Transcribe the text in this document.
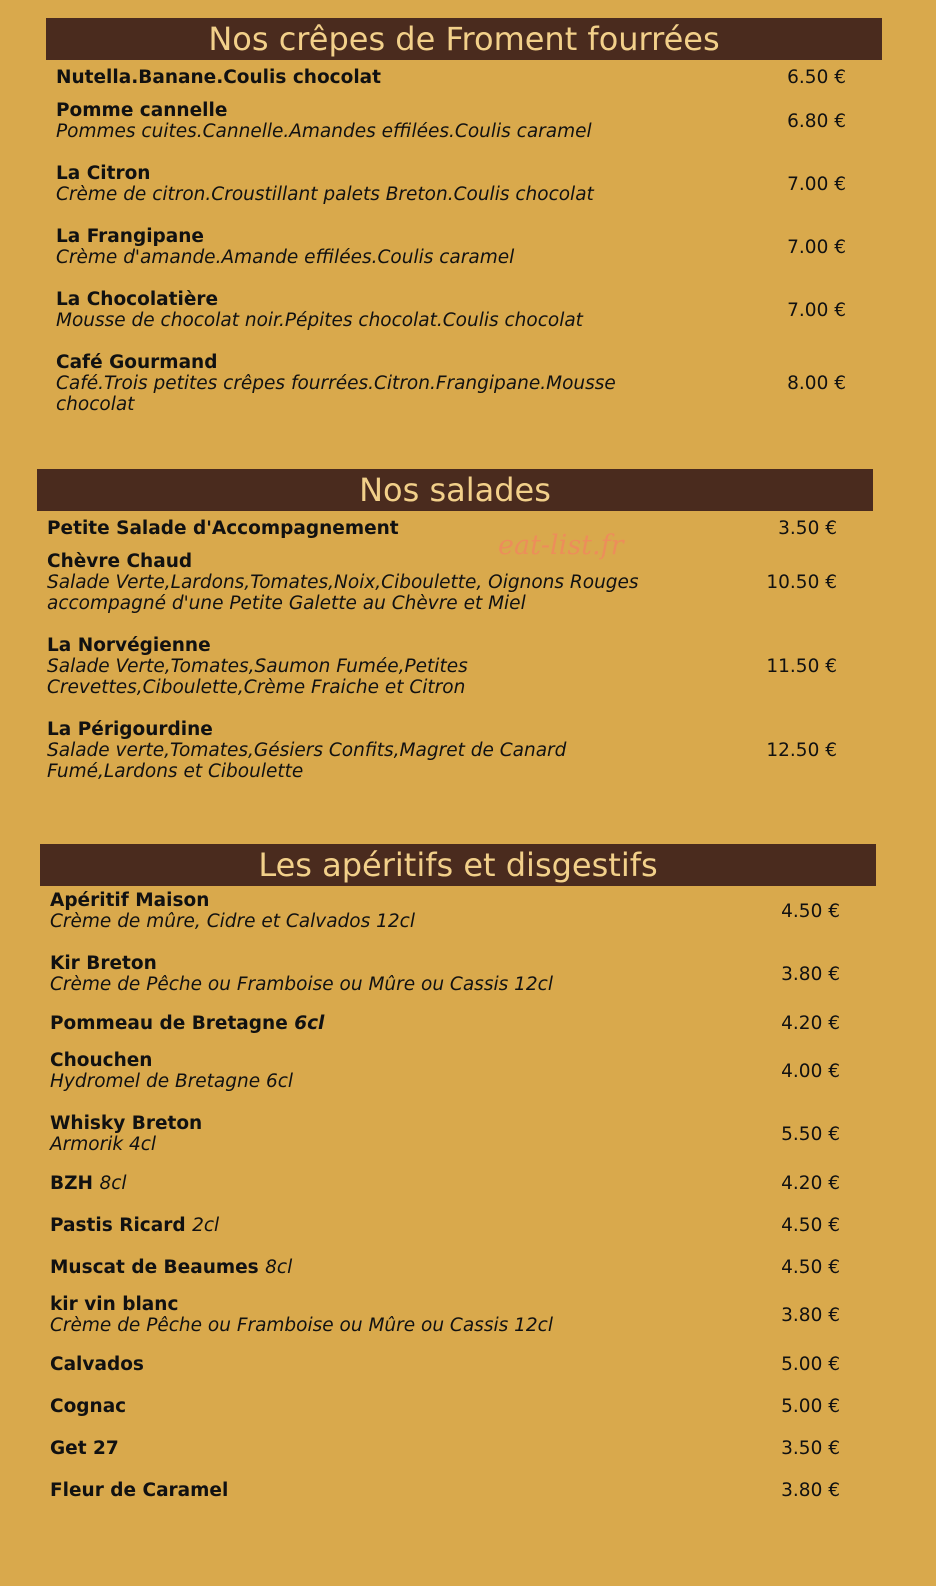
Nos crêpes de Froment fourrées
Nutella.Banane.Coulis chocolat	6.50 €
Pomme cannelle
Pommes cuites.Cannelle.Amandes effilées.Coulis caramel	6.80 €
La Citron
Crème de citron.Croustillant palets Breton.Coulis chocolat	7.00 €
La Frangipane
Crème d'amande.Amande effilées.Coulis caramel	7.00 €
La Chocolatière
Mousse de chocolat noir.Pépites chocolat.Coulis chocolat	7.00 €
Café Gourmand
Café.Trois petites crêpes fourrées.Citron.Frangipane.Mousse chocolat
8.00 €
Nos salades
Petite Salade d'Accompagnement	3.50 €
Chèvre Chaud
Salade Verte,Lardons,Tomates,Noix,Ciboulette, Oignons Rouges accompagné d'une Petite Galette au Chèvre et Miel
10.50 €
La Norvégienne
Salade Verte,Tomates,Saumon Fumée,Petites Crevettes,Ciboulette,Crème Fraiche et Citron
11.50 €
La Périgourdine
Salade verte,Tomates,Gésiers Confits,Magret de Canard Fumé,Lardons et Ciboulette
12.50 €
Les apéritifs et disgestifs
Apéritif Maison
Crème de mûre, Cidre et Calvados 12cl	4.50 €
Kir Breton
Crème de Pêche ou Framboise ou Mûre ou Cassis 12cl	3.80 €
Pommeau de Bretagne 6cl	4.20 €
Chouchen
Hydromel de Bretagne 6cl	4.00 €
Whisky Breton
Armorik 4cl	5.50 €
BZH 8cl	4.20 €
Pastis Ricard 2cl	4.50 €
Muscat de Beaumes 8cl	4.50 €
kir vin blanc
Crème de Pêche ou Framboise ou Mûre ou Cassis 12cl	3.80 €
Calvados	5.00 €
Cognac	5.00 €
Get 27	3.50 €
Fleur de Caramel	3.80 €
eat-list.fr
